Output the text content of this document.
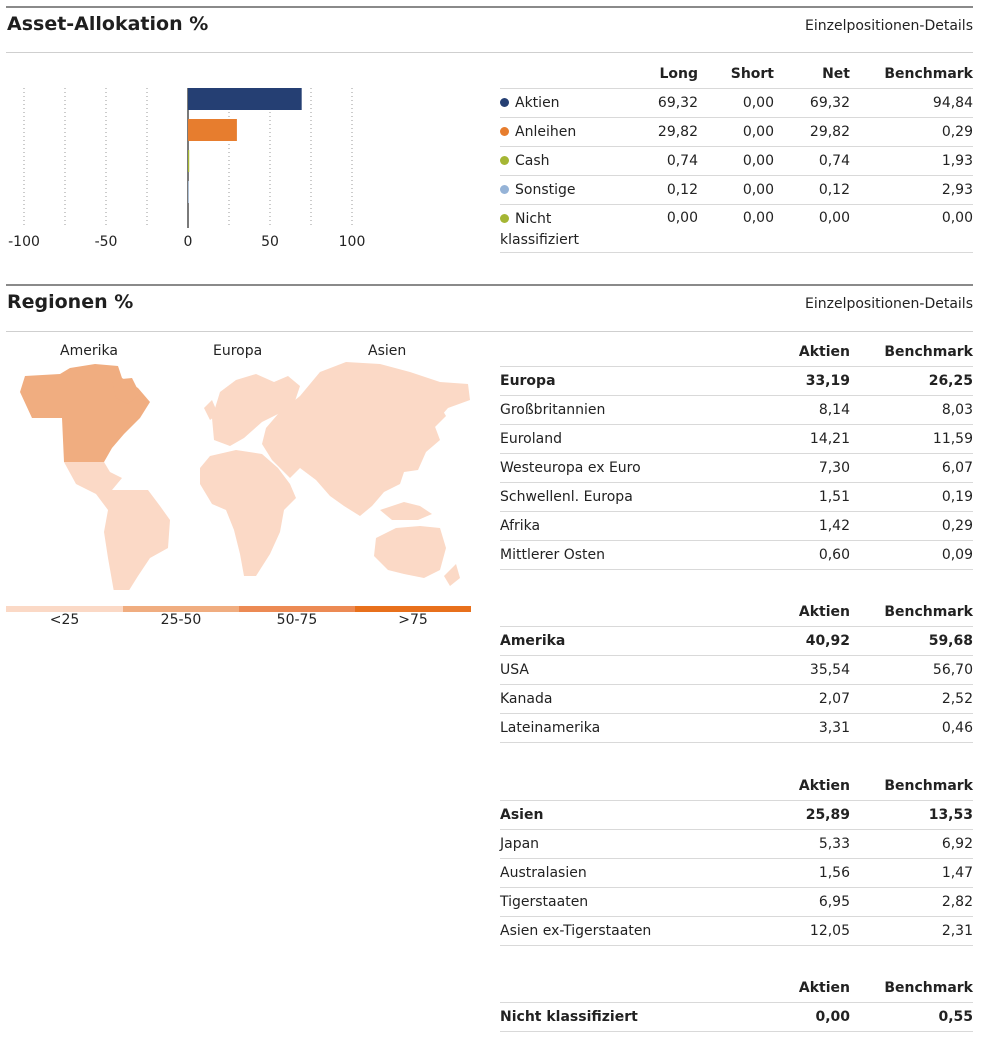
Asset-Allokation %	Einzelpositionen-Details
-100	-50	0	50	100
	Long	Short	Net	Benchmark
Aktien	69,32	0,00	69,32	94,84
Anleihen	29,82	0,00	29,82	0,29
Cash	0,74	0,00	0,74	1,93
Sonstige	0,12	0,00	0,12	2,93
Nicht
klassifiziert	0,00	0,00	0,00	0,00
Regionen %	Einzelpositionen-Details
Amerika	Europa	Asien
<25	25-50	50-75	>75
	Aktien	Benchmark
Europa	33,19	26,25
Großbritannien	8,14	8,03
Euroland	14,21	11,59
Westeuropa ex Euro	7,30	6,07
Schwellenl. Europa	1,51	0,19
Afrika	1,42	0,29
Mittlerer Osten	0,60	0,09
	Aktien	Benchmark
Amerika	40,92	59,68
USA	35,54	56,70
Kanada	2,07	2,52
Lateinamerika	3,31	0,46
	Aktien	Benchmark
Asien	25,89	13,53
Japan	5,33	6,92
Australasien	1,56	1,47
Tigerstaaten	6,95	2,82
Asien ex-Tigerstaaten	12,05	2,31
	Aktien	Benchmark
Nicht klassifiziert	0,00	0,55
